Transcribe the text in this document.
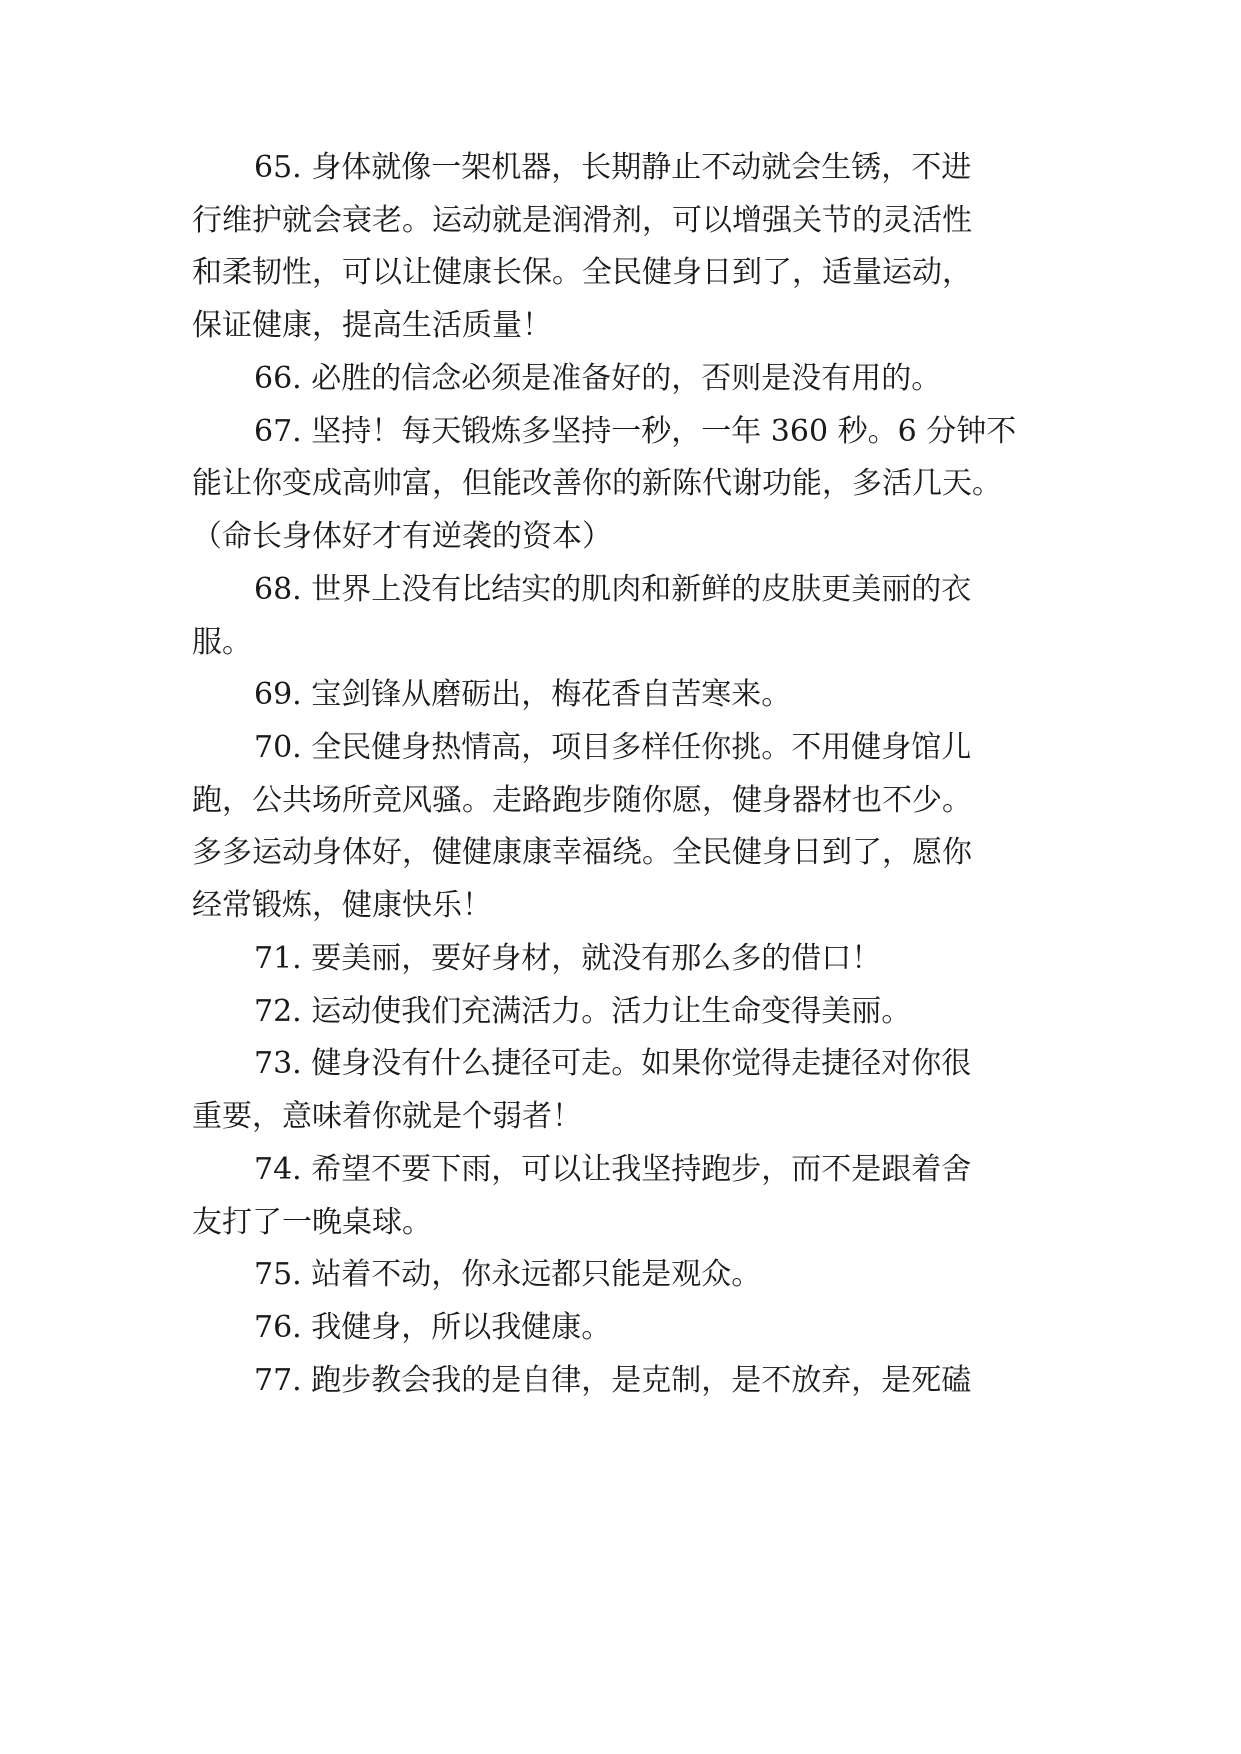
65. 身体就像一架机器，长期静止不动就会生锈，不进
行维护就会衰老。运动就是润滑剂，可以增强关节的灵活性
和柔韧性，可以让健康长保。全民健身日到了，适量运动，
保证健康，提高生活质量！
66. 必胜的信念必须是准备好的，否则是没有用的。
67. 坚持！每天锻炼多坚持一秒，一年 360 秒。6 分钟不
能让你变成高帅富，但能改善你的新陈代谢功能，多活几天。
（命长身体好才有逆袭的资本）
68. 世界上没有比结实的肌肉和新鲜的皮肤更美丽的衣
服。
69. 宝剑锋从磨砺出，梅花香自苦寒来。
70. 全民健身热情高，项目多样任你挑。不用健身馆儿
跑，公共场所竞风骚。走路跑步随你愿，健身器材也不少。
多多运动身体好，健健康康幸福绕。全民健身日到了，愿你
经常锻炼，健康快乐！
71. 要美丽，要好身材，就没有那么多的借口！
72. 运动使我们充满活力。活力让生命变得美丽。
73. 健身没有什么捷径可走。如果你觉得走捷径对你很
重要，意味着你就是个弱者！
74. 希望不要下雨，可以让我坚持跑步，而不是跟着舍
友打了一晚桌球。
75. 站着不动，你永远都只能是观众。
76. 我健身，所以我健康。
77. 跑步教会我的是自律，是克制，是不放弃，是死磕
